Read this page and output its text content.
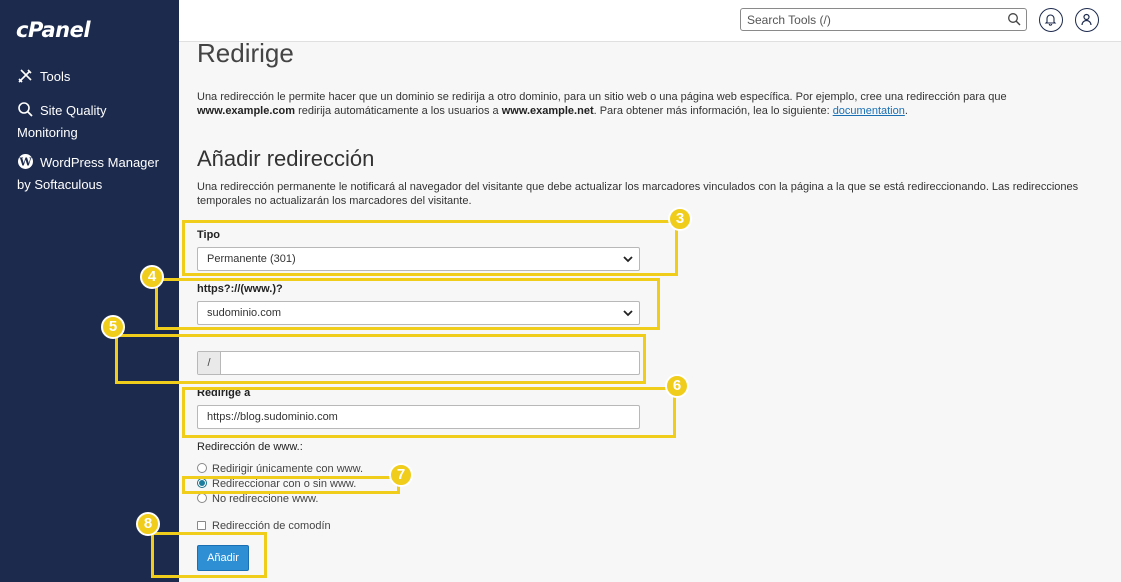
cPanel
Tools
Site Quality
Monitoring
W WordPress Manager
by Softaculous
Search Tools (/)
Redirige
Una redirección le permite hacer que un dominio se redirija a otro dominio, para un sitio web o una página web específica. Por ejemplo, cree una redirección para que
www.example.com redirija automáticamente a los usuarios a www.example.net. Para obtener más información, lea lo siguiente: documentation.
Añadir redirección
Una redirección permanente le notificará al navegador del visitante que debe actualizar los marcadores vinculados con la página a la que se está redireccionando. Las redirecciones
temporales no actualizarán los marcadores del visitante.
Tipo
Permanente (301)
https?://(www.)?
sudominio.com
/
Redirige a
https://blog.sudominio.com
Redirección de www.:
Redirigir únicamente con www.
Redireccionar con o sin www.
No redireccione www.
Redirección de comodín
Añadir
3
4
5
6
7
8
